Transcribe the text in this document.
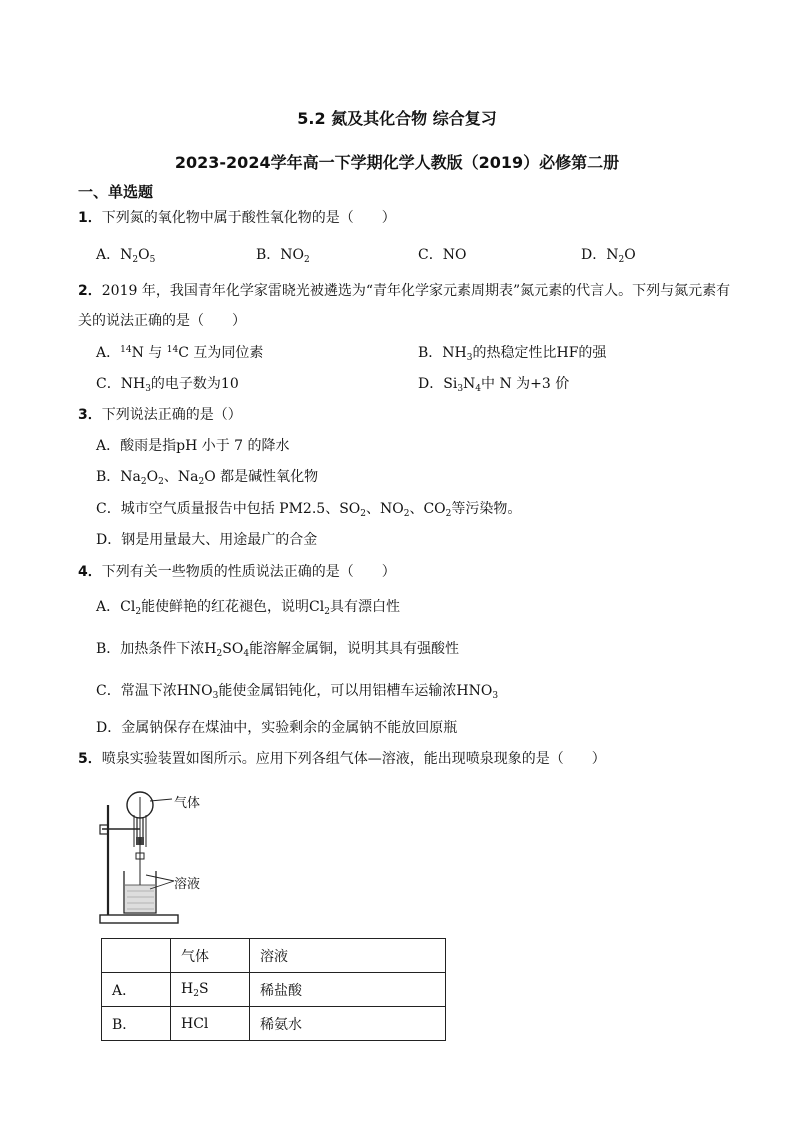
5.2 氮及其化合物 综合复习
2023-2024学年高一下学期化学人教版（2019）必修第二册
一、单选题
1．下列氮的氧化物中属于酸性氧化物的是（　　）
A．$N_2O_5$	B．$NO_2$	C．NO	D．$N_2O$
2．2019 年，我国青年化学家雷晓光被遴选为“青年化学家元素周期表”氮元素的代言人。下列与氮元素有
关的说法正确的是（　　）
A．$^{14}$N 与 $^{14}$C 互为同位素	B．$NH_3$的热稳定性比HF的强
C．$NH_3$的电子数为10	D．$Si_3N_4$中 N 为+3 价
3．下列说法正确的是（）
A．酸雨是指pH 小于 7 的降水
B．$Na_2O_2$、$Na_2O$ 都是碱性氧化物
C．城市空气质量报告中包括 PM2.5、$SO_2$、$NO_2$、$CO_2$等污染物。
D．钢是用量最大、用途最广的合金
4．下列有关一些物质的性质说法正确的是（　　）
A．$Cl_2$能使鲜艳的红花褪色，说明$Cl_2$具有漂白性
B．加热条件下浓$H_2SO_4$能溶解金属铜，说明其具有强酸性
C．常温下浓$HNO_3$能使金属铝钝化，可以用铝槽车运输浓$HNO_3$
D．金属钠保存在煤油中，实验剩余的金属钠不能放回原瓶
5．喷泉实验装置如图所示。应用下列各组气体—溶液，能出现喷泉现象的是（　　）
气体
溶液
	气体	溶液
A．	$H_2S$	稀盐酸
B．	HCl	稀氨水
